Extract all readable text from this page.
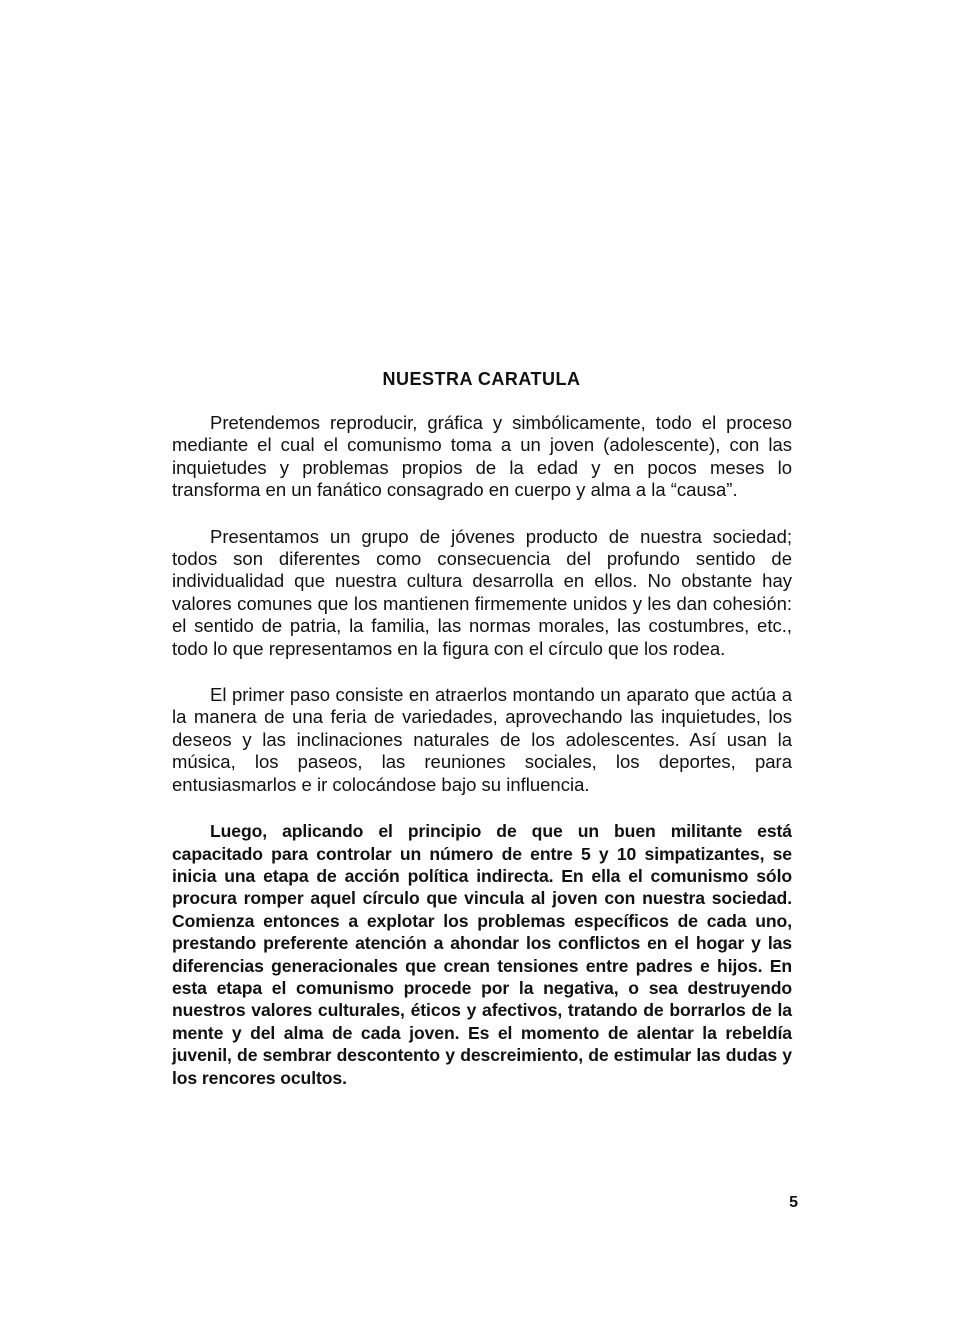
NUESTRA CARATULA

Pretendemos reproducir, gráfica y simbólicamente, todo el proceso mediante el cual el comunismo toma a un joven (adolescente), con las inquietudes y problemas propios de la edad y en pocos meses lo transforma en un fanático consagrado en cuerpo y alma a la “causa”.

Presentamos un grupo de jóvenes producto de nuestra sociedad; todos son diferentes como consecuencia del profundo sentido de individualidad que nuestra cultura desarrolla en ellos. No obstante hay valores comunes que los mantienen firmemente unidos y les dan cohesión: el sentido de patria, la familia, las normas morales, las costumbres, etc., todo lo que representamos en la figura con el círculo que los rodea.

El primer paso consiste en atraerlos montando un aparato que actúa a la manera de una feria de variedades, aprovechando las inquietudes, los deseos y las inclinaciones naturales de los adolescentes. Así usan la música, los paseos, las reuniones sociales, los deportes, para entusiasmarlos e ir colocándose bajo su influencia.

Luego, aplicando el principio de que un buen militante está capacitado para controlar un número de entre 5 y 10 simpatizantes, se inicia una etapa de acción política indirecta. En ella el comunismo sólo procura romper aquel círculo que vincula al joven con nuestra sociedad. Comienza entonces a explotar los problemas específicos de cada uno, prestando preferente atención a ahondar los conflictos en el hogar y las diferencias generacionales que crean tensiones entre padres e hijos. En esta etapa el comunismo procede por la negativa, o sea destruyendo nuestros valores culturales, éticos y afectivos, tratando de borrarlos de la mente y del alma de cada joven. Es el momento de alentar la rebeldía juvenil, de sembrar descontento y descreimiento, de estimular las dudas y los rencores ocultos.

5
